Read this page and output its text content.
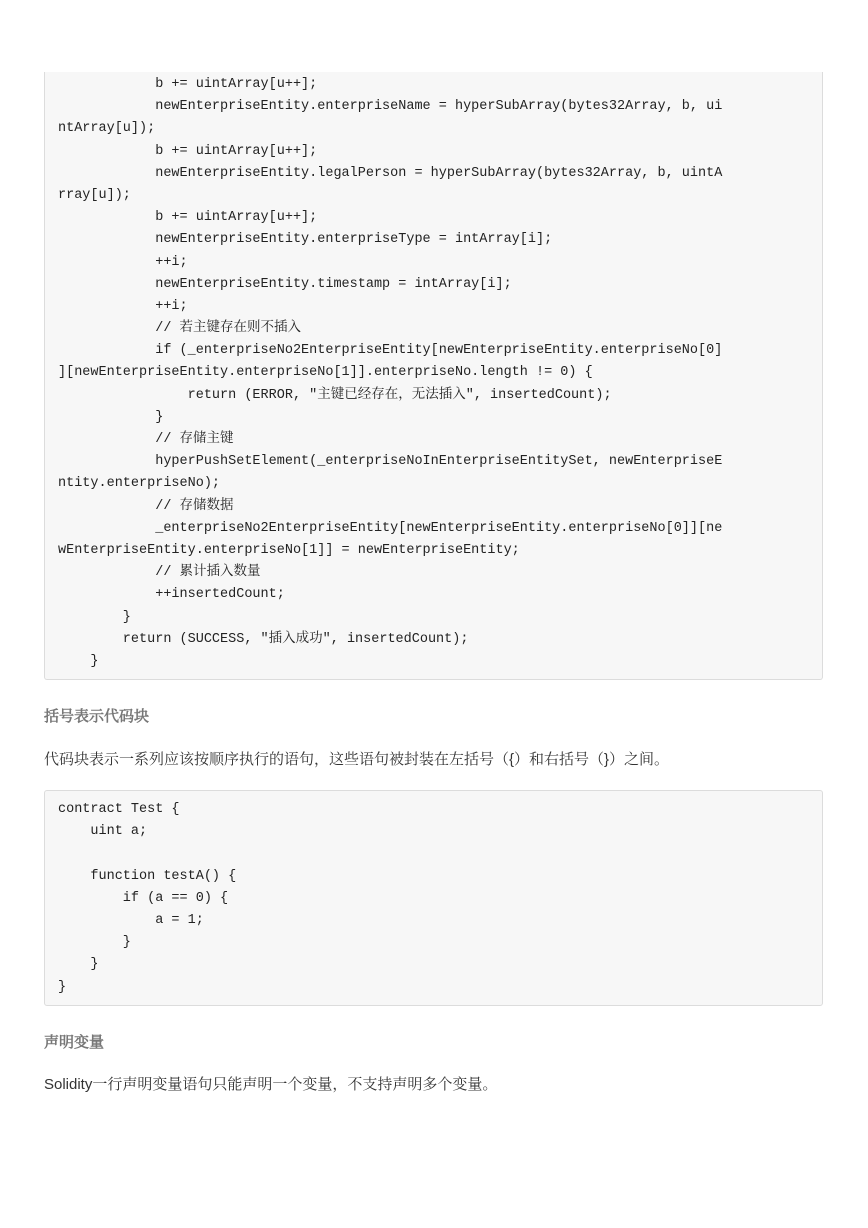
b += uintArray[u++];
newEnterpriseEntity.enterpriseName = hyperSubArray(bytes32Array, b, ui
ntArray[u]);
b += uintArray[u++];
newEnterpriseEntity.legalPerson = hyperSubArray(bytes32Array, b, uintA
rray[u]);
b += uintArray[u++];
newEnterpriseEntity.enterpriseType = intArray[i];
++i;
newEnterpriseEntity.timestamp = intArray[i];
++i;
// 若主键存在则不插入
if (_enterpriseNo2EnterpriseEntity[newEnterpriseEntity.enterpriseNo[0]
][newEnterpriseEntity.enterpriseNo[1]].enterpriseNo.length != 0) {
return (ERROR, "主键已经存在，无法插入", insertedCount);
}
// 存储主键
hyperPushSetElement(_enterpriseNoInEnterpriseEntitySet, newEnterpriseE
ntity.enterpriseNo);
// 存储数据
_enterpriseNo2EnterpriseEntity[newEnterpriseEntity.enterpriseNo[0]][ne
wEnterpriseEntity.enterpriseNo[1]] = newEnterpriseEntity;
// 累计插入数量
++insertedCount;
}
return (SUCCESS, "插入成功", insertedCount);
}
括号表示代码块

代码块表示一系列应该按顺序执行的语句，这些语句被封装在左括号（{）和右括号（}）之间。

contract Test {
uint a;
function testA() {
if (a == 0) {
a = 1;
}
}
}
声明变量

Solidity一行声明变量语句只能声明一个变量，不支持声明多个变量。
